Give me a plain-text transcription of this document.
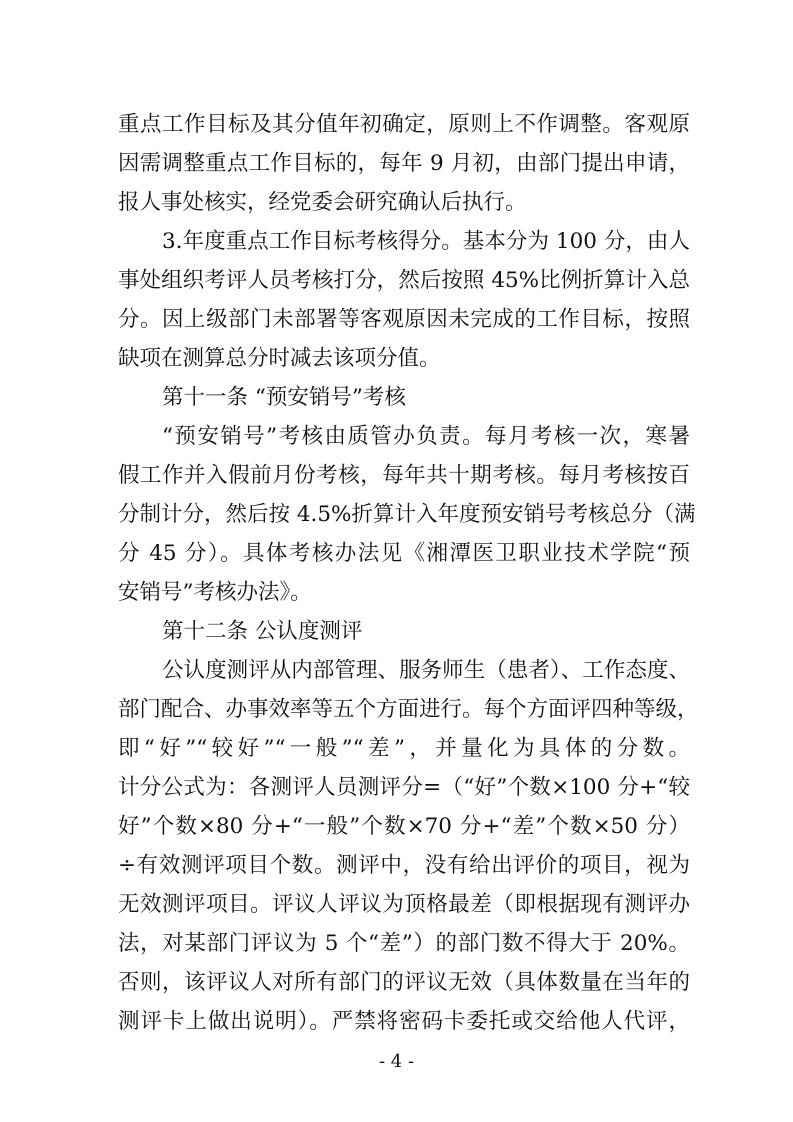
重点工作目标及其分值年初确定，原则上不作调整。客观原
因需调整重点工作目标的，每年 9 月初，由部门提出申请，
报人事处核实，经党委会研究确认后执行。
3.年度重点工作目标考核得分。基本分为 100 分，由人
事处组织考评人员考核打分，然后按照 45%比例折算计入总
分。因上级部门未部署等客观原因未完成的工作目标，按照
缺项在测算总分时减去该项分值。
第十一条 “预安销号”考核
“预安销号”考核由质管办负责。每月考核一次，寒暑
假工作并入假前月份考核，每年共十期考核。每月考核按百
分制计分，然后按 4.5%折算计入年度预安销号考核总分（满
分 45 分）。具体考核办法见《湘潭医卫职业技术学院“预
安销号”考核办法》。
第十二条 公认度测评
公认度测评从内部管理、服务师生（患者）、工作态度、
部门配合、办事效率等五个方面进行。每个方面评四种等级，
即“好”“较好”“一般”“差”，并量化为具体的分数。
计分公式为：各测评人员测评分=（“好”个数×100 分+“较
好”个数×80 分+“一般”个数×70 分+“差”个数×50 分）
÷有效测评项目个数。测评中，没有给出评价的项目，视为
无效测评项目。评议人评议为顶格最差（即根据现有测评办
法，对某部门评议为 5 个“差”）的部门数不得大于 20%。
否则，该评议人对所有部门的评议无效（具体数量在当年的
测评卡上做出说明）。严禁将密码卡委托或交给他人代评，
- 4 -
